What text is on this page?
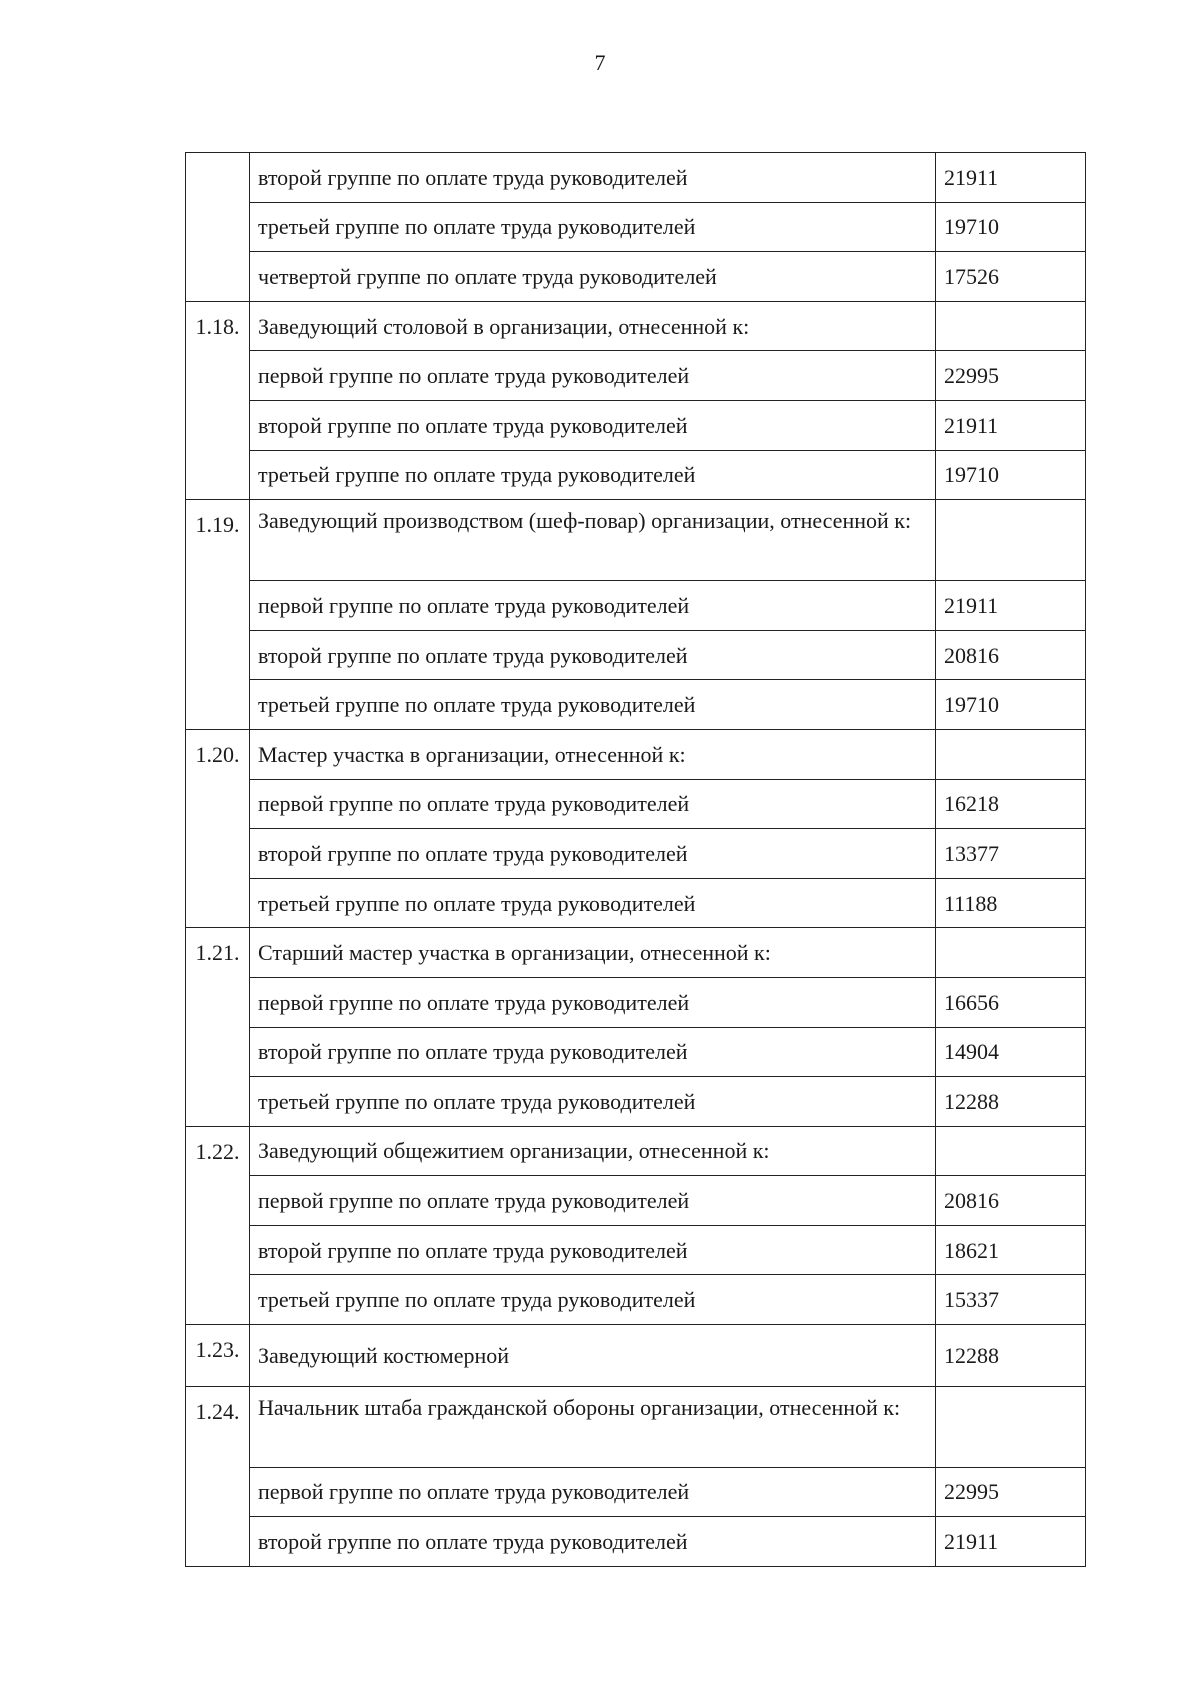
7
	второй группе по оплате труда руководителей	21911
	третьей группе по оплате труда руководителей	19710
	четвертой группе по оплате труда руководителей	17526
1.18.	Заведующий столовой в организации, отнесенной к:	
	первой группе по оплате труда руководителей	22995
	второй группе по оплате труда руководителей	21911
	третьей группе по оплате труда руководителей	19710
1.19.	Заведующий производством (шеф-повар) организации, отнесенной к:	
	первой группе по оплате труда руководителей	21911
	второй группе по оплате труда руководителей	20816
	третьей группе по оплате труда руководителей	19710
1.20.	Мастер участка в организации, отнесенной к:	
	первой группе по оплате труда руководителей	16218
	второй группе по оплате труда руководителей	13377
	третьей группе по оплате труда руководителей	11188
1.21.	Старший мастер участка в организации, отнесенной к:	
	первой группе по оплате труда руководителей	16656
	второй группе по оплате труда руководителей	14904
	третьей группе по оплате труда руководителей	12288
1.22.	Заведующий общежитием организации, отнесенной к:	
	первой группе по оплате труда руководителей	20816
	второй группе по оплате труда руководителей	18621
	третьей группе по оплате труда руководителей	15337
1.23.	Заведующий костюмерной	12288
1.24.	Начальник штаба гражданской обороны организации, отнесенной к:	
	первой группе по оплате труда руководителей	22995
	второй группе по оплате труда руководителей	21911
